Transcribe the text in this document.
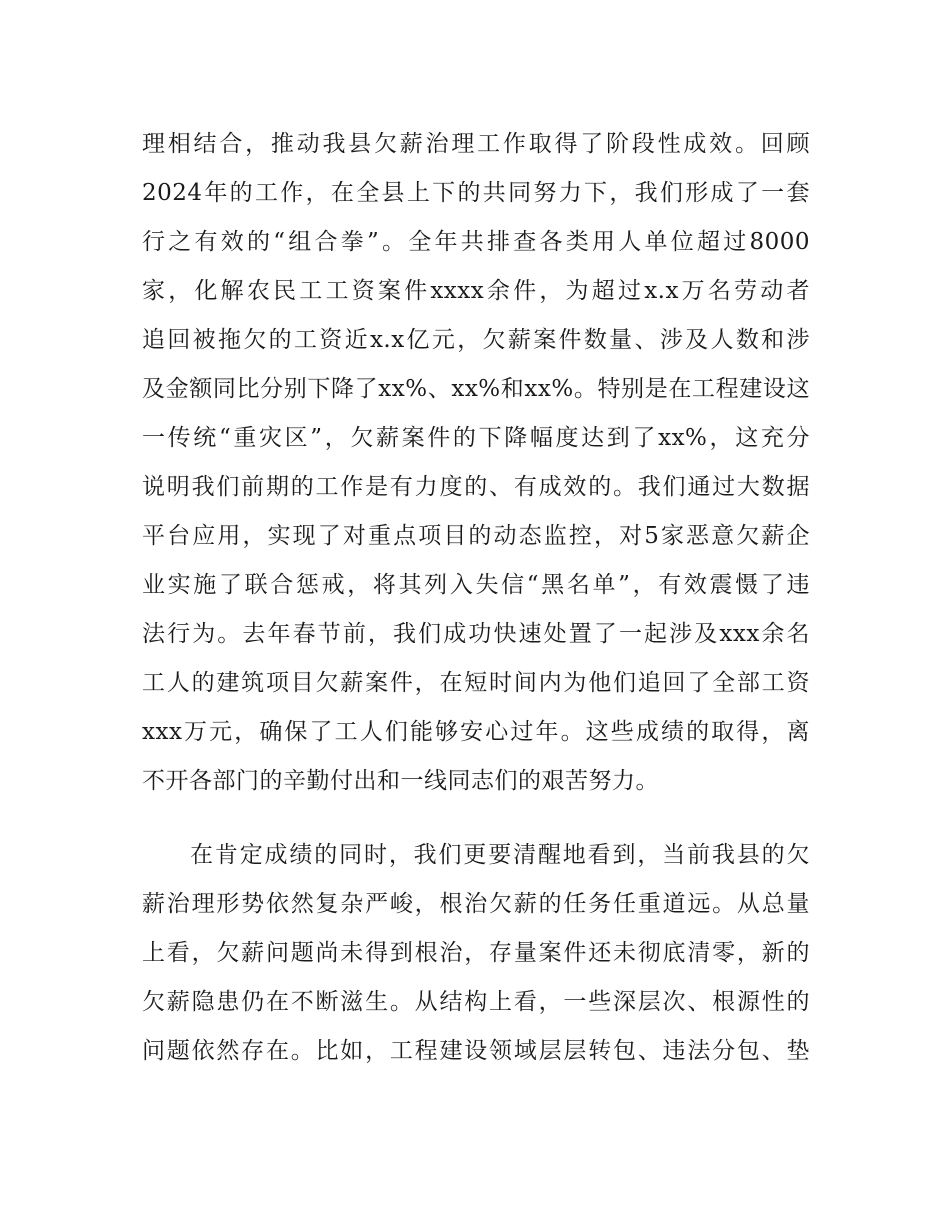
理相结合，推动我县欠薪治理工作取得了阶段性成效。回顾
2024年的工作，在全县上下的共同努力下，我们形成了一套
行之有效的“组合拳”。全年共排查各类用人单位超过8000
家，化解农民工工资案件xxxx余件，为超过x.x万名劳动者
追回被拖欠的工资近x.x亿元，欠薪案件数量、涉及人数和涉
及金额同比分别下降了xx%、xx%和xx%。特别是在工程建设这
一传统“重灾区”，欠薪案件的下降幅度达到了xx%，这充分
说明我们前期的工作是有力度的、有成效的。我们通过大数据
平台应用，实现了对重点项目的动态监控，对5家恶意欠薪企
业实施了联合惩戒，将其列入失信“黑名单”，有效震慑了违
法行为。去年春节前，我们成功快速处置了一起涉及xxx余名
工人的建筑项目欠薪案件，在短时间内为他们追回了全部工资
xxx万元，确保了工人们能够安心过年。这些成绩的取得，离
不开各部门的辛勤付出和一线同志们的艰苦努力。
在肯定成绩的同时，我们更要清醒地看到，当前我县的欠
薪治理形势依然复杂严峻，根治欠薪的任务任重道远。从总量
上看，欠薪问题尚未得到根治，存量案件还未彻底清零，新的
欠薪隐患仍在不断滋生。从结构上看，一些深层次、根源性的
问题依然存在。比如，工程建设领域层层转包、违法分包、垫
